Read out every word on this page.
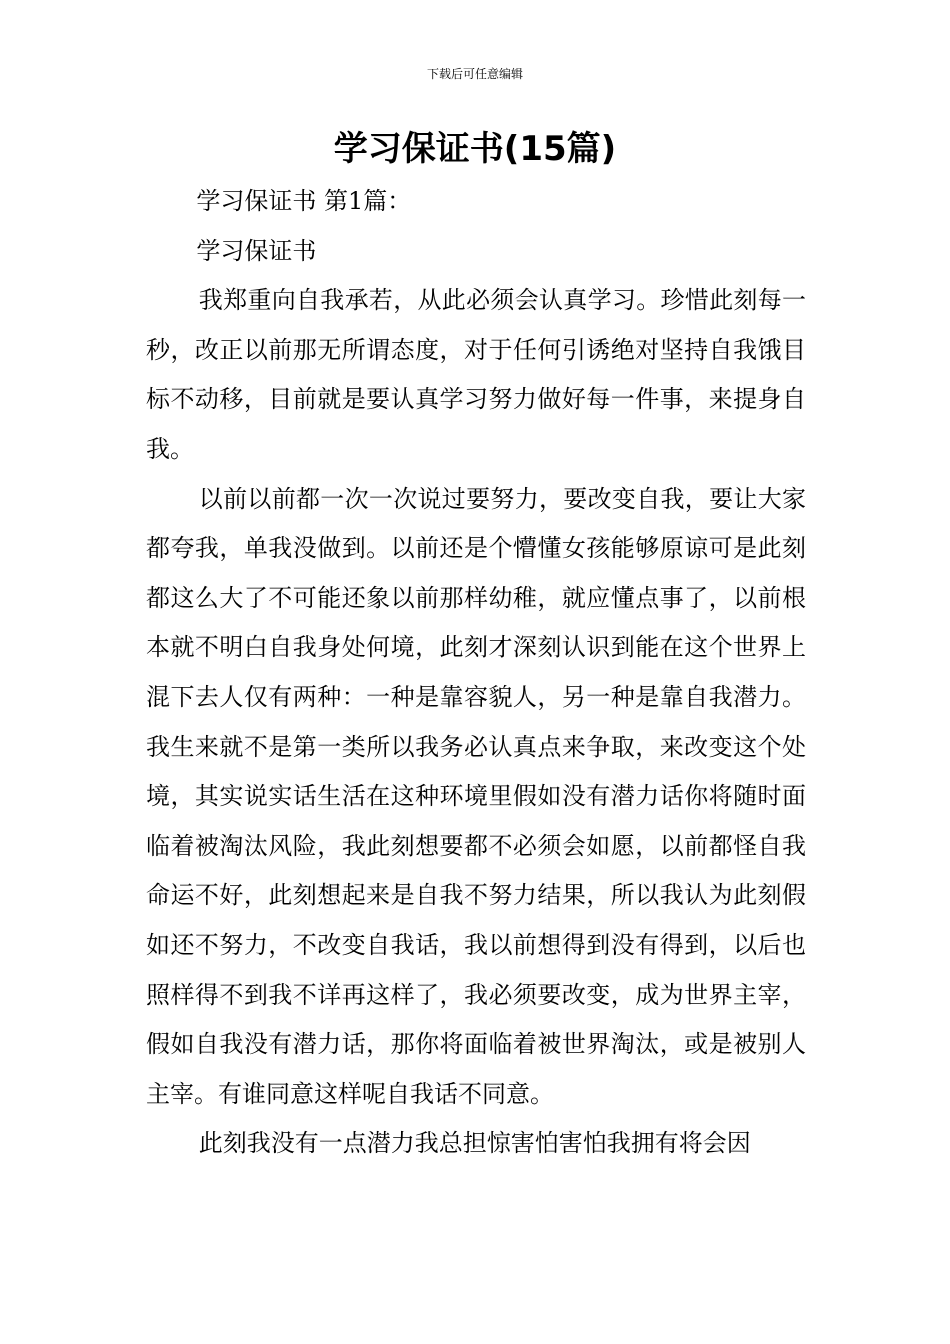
下载后可任意编辑
学习保证书(15篇)

学习保证书 第1篇：

学习保证书

我郑重向自我承若，从此必须会认真学习。珍惜此刻每一秒，改正以前那无所谓态度，对于任何引诱绝对坚持自我饿目标不动移，目前就是要认真学习努力做好每一件事，来提身自我。

以前以前都一次一次说过要努力，要改变自我，要让大家都夸我，单我没做到。以前还是个懵懂女孩能够原谅可是此刻都这么大了不可能还象以前那样幼稚，就应懂点事了，以前根本就不明白自我身处何境，此刻才深刻认识到能在这个世界上混下去人仅有两种：一种是靠容貌人，另一种是靠自我潜力。我生来就不是第一类所以我务必认真点来争取，来改变这个处境，其实说实话生活在这种环境里假如没有潜力话你将随时面临着被淘汰风险，我此刻想要都不必须会如愿，以前都怪自我命运不好，此刻想起来是自我不努力结果，所以我认为此刻假如还不努力，不改变自我话，我以前想得到没有得到，以后也照样得不到我不详再这样了，我必须要改变，成为世界主宰，假如自我没有潜力话，那你将面临着被世界淘汰，或是被别人主宰。有谁同意这样呢自我话不同意。

此刻我没有一点潜力我总担惊害怕害怕我拥有将会因
